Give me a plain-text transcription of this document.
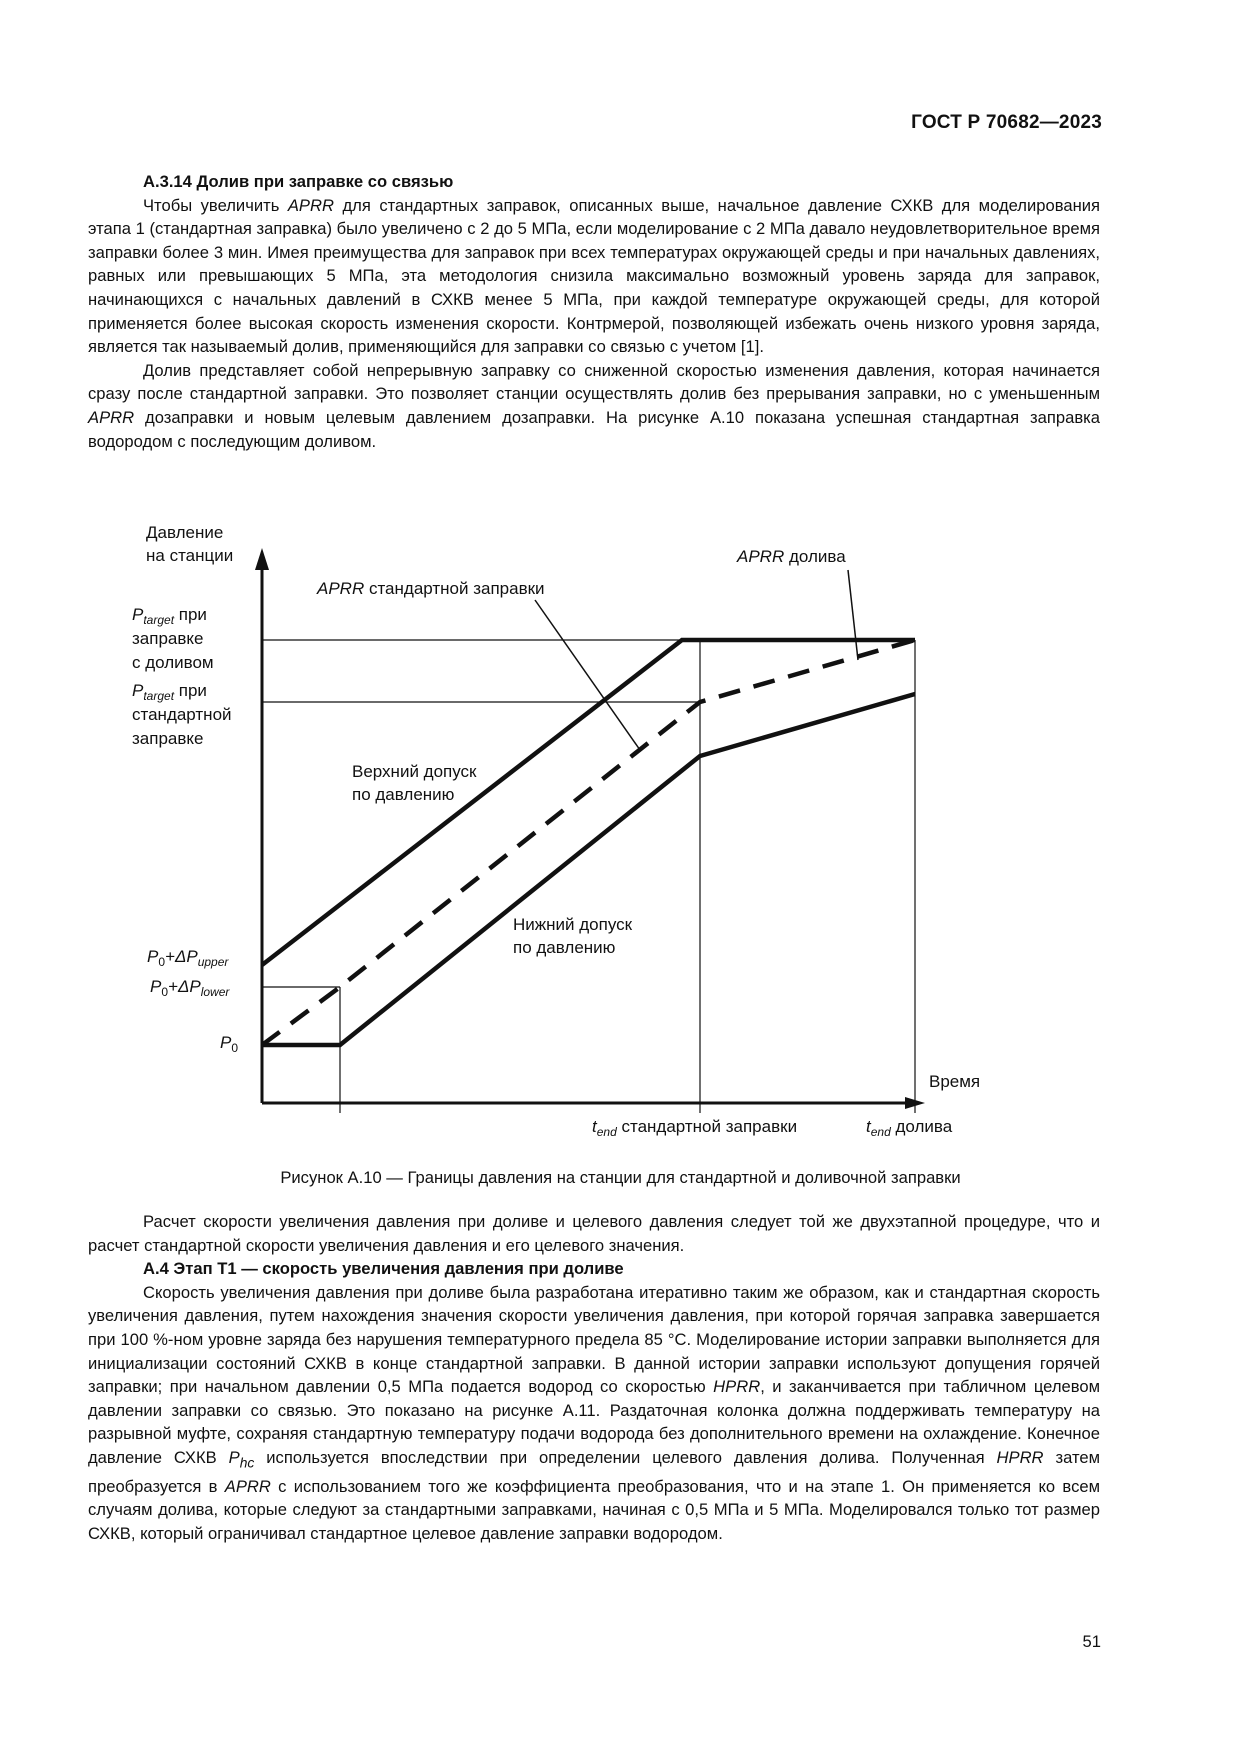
ГОСТ Р 70682—2023

А.3.14 Долив при заправке со связью

Чтобы увеличить APRR для стандартных заправок, описанных выше, начальное давление СХКВ для моделирования этапа 1 (стандартная заправка) было увеличено с 2 до 5 МПа, если моделирование с 2 МПа давало неудовлетворительное время заправки более 3 мин. Имея преимущества для заправок при всех температурах окружающей среды и при начальных давлениях, равных или превышающих 5 МПа, эта методология снизила максимально возможный уровень заряда для заправок, начинающихся с начальных давлений в СХКВ менее 5 МПа, при каждой температуре окружающей среды, для которой применяется более высокая скорость изменения скорости. Контрмерой, позволяющей избежать очень низкого уровня заряда, является так называемый долив, применяющийся для заправки со связью с учетом [1].

Долив представляет собой непрерывную заправку со сниженной скоростью изменения давления, которая начинается сразу после стандартной заправки. Это позволяет станции осуществлять долив без прерывания заправки, но с уменьшенным APRR дозаправки и новым целевым давлением дозаправки. На рисунке А.10 показана успешная стандартная заправка водородом с последующим доливом.

Давление
на станции
Время
$P_{target}$ при
заправке
с доливом
$P_{target}$ при
стандартной
заправке
$P_0+\Delta P_{upper}$
$P_0+\Delta P_{lower}$
$P_0$
APRR стандартной заправки
APRR долива
Верхний допуск
по давлению
Нижний допуск
по давлению
$t_{end}$ стандартной заправки	$t_{end}$ долива
Рисунок А.10 — Границы давления на станции для стандартной и доливочной заправки

Расчет скорости увеличения давления при доливе и целевого давления следует той же двухэтапной процедуре, что и расчет стандартной скорости увеличения давления и его целевого значения.

А.4 Этап Т1 — скорость увеличения давления при доливе

Скорость увеличения давления при доливе была разработана итеративно таким же образом, как и стандартная скорость увеличения давления, путем нахождения значения скорости увеличения давления, при которой горячая заправка завершается при 100 %-ном уровне заряда без нарушения температурного предела 85 °С. Моделирование истории заправки выполняется для инициализации состояний СХКВ в конце стандартной заправки. В данной истории заправки используют допущения горячей заправки; при начальном давлении 0,5 МПа подается водород со скоростью HPRR, и заканчивается при табличном целевом давлении заправки со связью. Это показано на рисунке А.11. Раздаточная колонка должна поддерживать температуру на разрывной муфте, сохраняя стандартную температуру подачи водорода без дополнительного времени на охлаждение. Конечное давление СХКВ $P_{hc}$ используется впоследствии при определении целевого давления долива. Полученная HPRR затем преобразуется в APRR с использованием того же коэффициента преобразования, что и на этапе 1. Он применяется ко всем случаям долива, которые следуют за стандартными заправками, начиная с 0,5 МПа и 5 МПа. Моделировался только тот размер СХКВ, который ограничивал стандартное целевое давление заправки водородом.

51
